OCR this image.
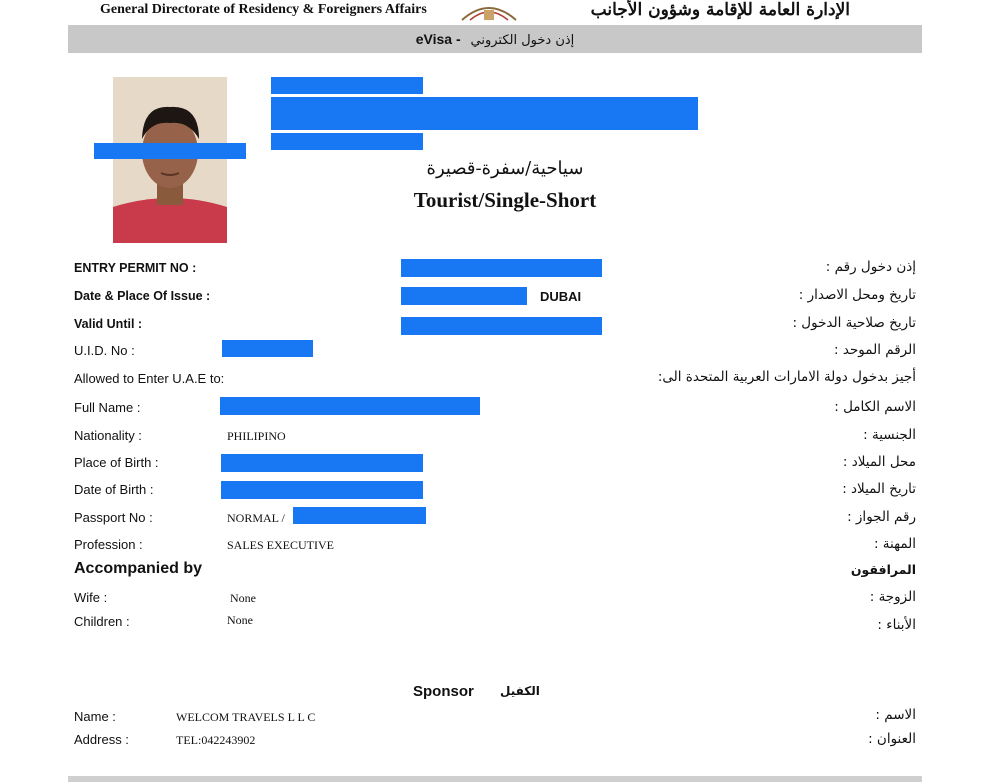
General Directorate of Residency & Foreigners Affairs	الإدارة العامة للإقامة وشؤون الأجانب
eVisa - إذن دخول الكتروني
سياحية/سفرة-قصيرة
Tourist/Single-Short
ENTRY PERMIT NO :	إذن دخول رقم :
Date & Place Of Issue :	DUBAI	تاريخ ومحل الاصدار :
Valid Until :	تاريخ صلاحية الدخول :
U.I.D. No :	الرقم الموحد :
Allowed to Enter U.A.E to:	أجيز بدخول دولة الامارات العربية المتحدة الى:
Full Name :	الاسم الكامل :
Nationality :	PHILIPINO	الجنسية :
Place of Birth :	محل الميلاد :
Date of Birth :	تاريخ الميلاد :
Passport No :	NORMAL /	رقم الجواز :
Profession :	SALES EXECUTIVE	المهنة :
Accompanied by	المرافقون
Wife :	None	الزوجة :
Children :	None	الأبناء :
Sponsor الكفيل
Name :	WELCOM TRAVELS L L C	الاسم :
Address :	TEL:042243902	العنوان :
